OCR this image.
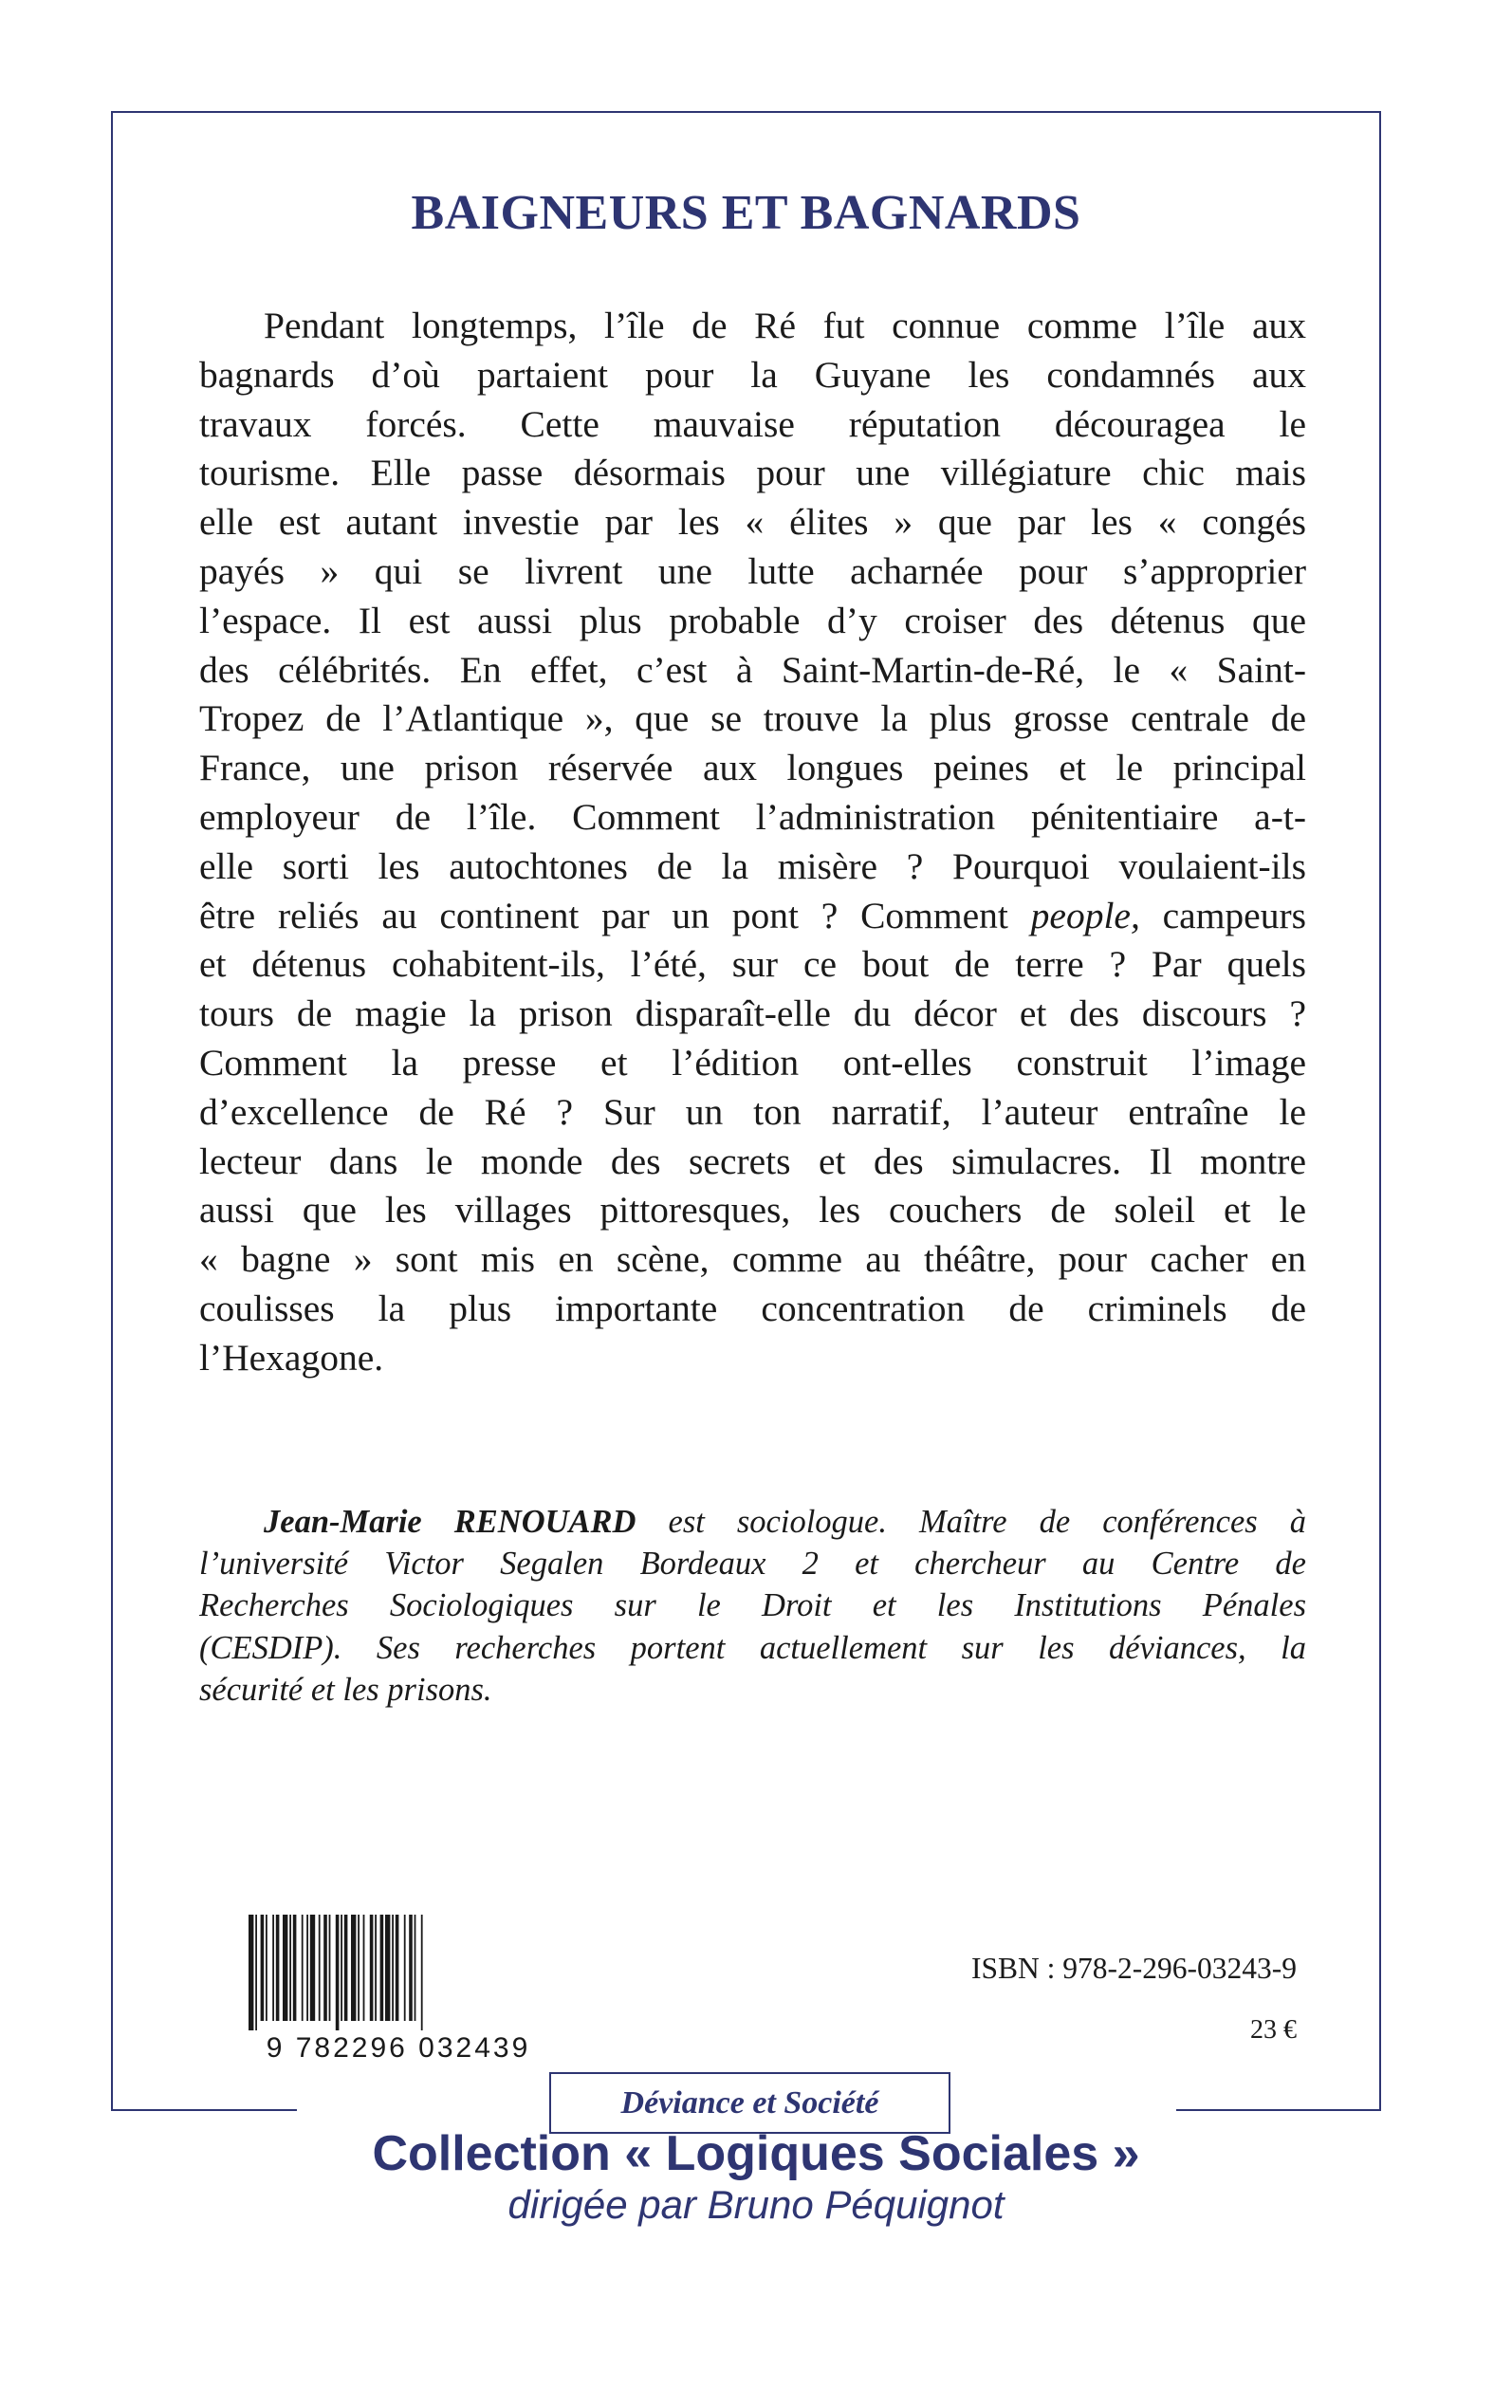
BAIGNEURS ET BAGNARDS
Pendant longtemps, l’île de Ré fut connue comme l’île aux
bagnards d’où partaient pour la Guyane les condamnés aux
travaux forcés. Cette mauvaise réputation découragea le
tourisme. Elle passe désormais pour une villégiature chic mais
elle est autant investie par les « élites » que par les « congés
payés » qui se livrent une lutte acharnée pour s’approprier
l’espace. Il est aussi plus probable d’y croiser des détenus que
des célébrités. En effet, c’est à Saint-Martin-de-Ré, le « Saint-
Tropez de l’Atlantique », que se trouve la plus grosse centrale de
France, une prison réservée aux longues peines et le principal
employeur de l’île. Comment l’administration pénitentiaire a-t-
elle sorti les autochtones de la misère ? Pourquoi voulaient-ils
être reliés au continent par un pont ? Comment people, campeurs
et détenus cohabitent-ils, l’été, sur ce bout de terre ? Par quels
tours de magie la prison disparaît-elle du décor et des discours ?
Comment la presse et l’édition ont-elles construit l’image
d’excellence de Ré ? Sur un ton narratif, l’auteur entraîne le
lecteur dans le monde des secrets et des simulacres. Il montre
aussi que les villages pittoresques, les couchers de soleil et le
« bagne » sont mis en scène, comme au théâtre, pour cacher en
coulisses la plus importante concentration de criminels de
l’Hexagone.
Jean-Marie RENOUARD est sociologue. Maître de conférences à
l’université Victor Segalen Bordeaux 2 et chercheur au Centre de
Recherches Sociologiques sur le Droit et les Institutions Pénales
(CESDIP). Ses recherches portent actuellement sur les déviances, la
sécurité et les prisons.
9 782296 032439
ISBN : 978-2-296-03243-9
23 €
Déviance et Société
Collection « Logiques Sociales »
dirigée par Bruno Péquignot
